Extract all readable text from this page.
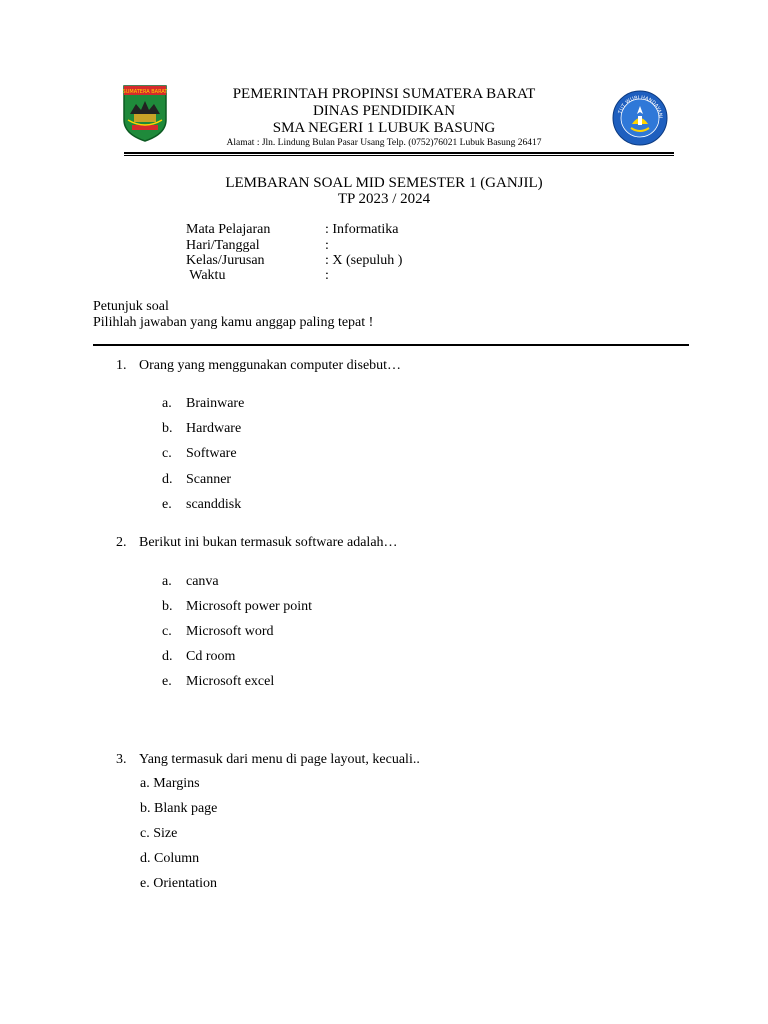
SUMATERA BARAT
TUT WURI HANDAYANI
PEMERINTAH PROPINSI SUMATERA BARAT
DINAS PENDIDIKAN
SMA NEGERI 1 LUBUK BASUNG
Alamat : Jln. Lindung Bulan Pasar Usang Telp. (0752)76021 Lubuk Basung 26417
LEMBARAN SOAL MID SEMESTER 1 (GANJIL)
TP 2023 / 2024
Mata Pelajaran	: Informatika
Hari/Tanggal	:
Kelas/Jurusan	: X (sepuluh )
Waktu	:
Petunjuk soal
Pilihlah jawaban yang kamu anggap paling tepat !
1. Orang yang menggunakan computer disebut…
a. Brainware
b. Hardware
c. Software
d. Scanner
e. scanddisk
2. Berikut ini bukan termasuk software adalah…
a. canva
b. Microsoft power point
c. Microsoft word
d. Cd room
e. Microsoft excel
3. Yang termasuk dari menu di page layout, kecuali..
a. Margins
b. Blank page
c. Size
d. Column
e. Orientation
